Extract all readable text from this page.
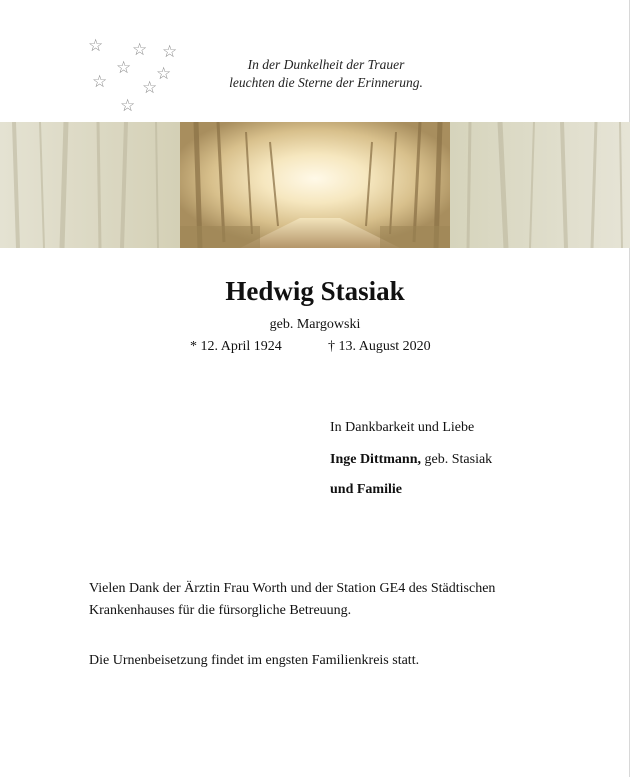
☆ ☆ ☆
☆ ☆
☆ ☆
☆
In der Dunkelheit der Trauer
leuchten die Sterne der Erinnerung.
Hedwig Stasiak
geb. Margowski
* 12. April 1924	† 13. August 2020
In Dankbarkeit und Liebe
Inge Dittmann, geb. Stasiak
und Familie
Vielen Dank der Ärztin Frau Worth und der Station GE4 des Städtischen
Krankenhauses für die fürsorgliche Betreuung.
Die Urnenbeisetzung findet im engsten Familienkreis statt.
